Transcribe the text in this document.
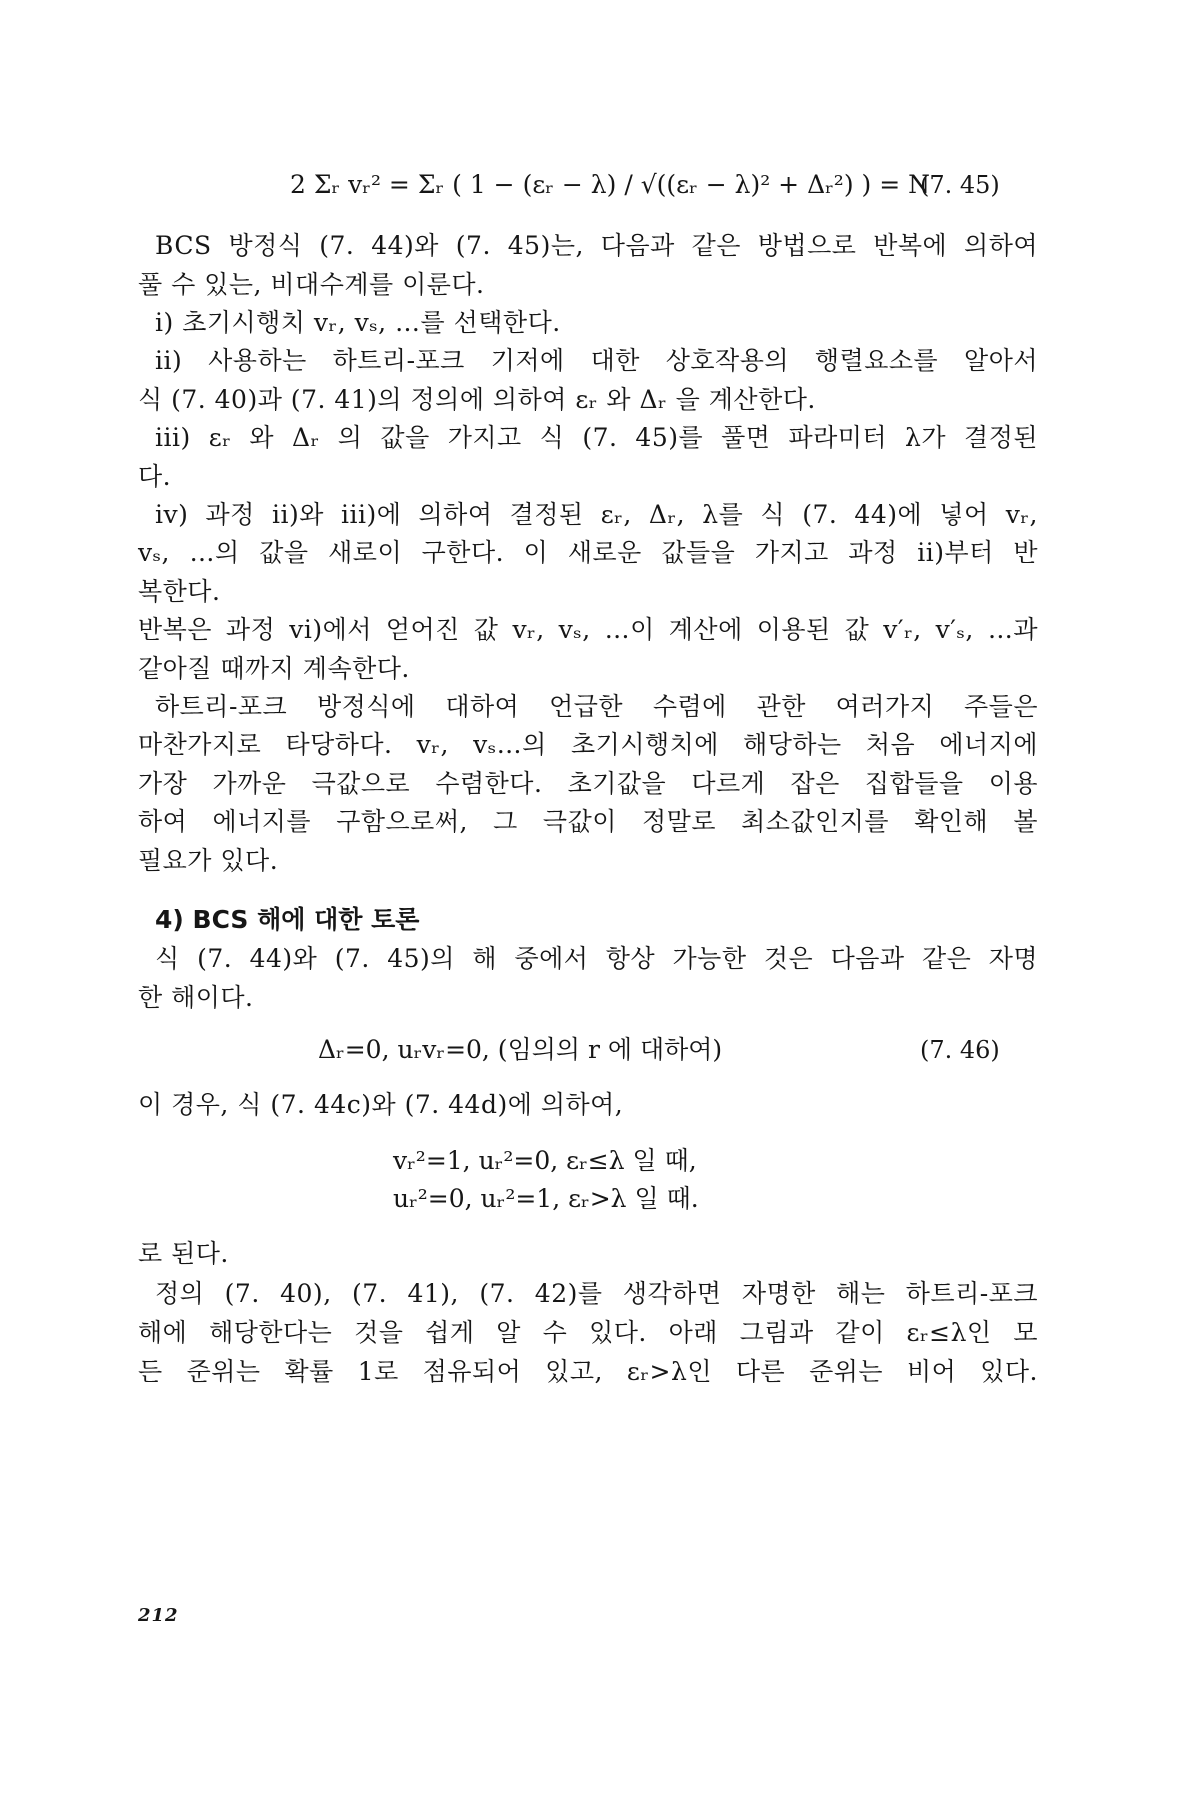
2 Σᵣ vᵣ² = Σᵣ ( 1 − (εᵣ − λ) / √((εᵣ − λ)² + Δᵣ²) ) = N
(7. 45)
BCS 방정식 (7. 44)와 (7. 45)는, 다음과 같은 방법으로 반복에 의하여
풀 수 있는, 비대수계를 이룬다.
i) 초기시행치 vᵣ, vₛ, …를 선택한다.
ii) 사용하는 하트리-포크 기저에 대한 상호작용의 행렬요소를 알아서
식 (7. 40)과 (7. 41)의 정의에 의하여 εᵣ 와 Δᵣ 을 계산한다.
iii) εᵣ 와 Δᵣ 의 값을 가지고 식 (7. 45)를 풀면 파라미터 λ가 결정된
다.
iv) 과정 ii)와 iii)에 의하여 결정된 εᵣ, Δᵣ, λ를 식 (7. 44)에 넣어 vᵣ,
vₛ, …의 값을 새로이 구한다. 이 새로운 값들을 가지고 과정 ii)부터 반
복한다.
반복은 과정 vi)에서 얻어진 값 vᵣ, vₛ, …이 계산에 이용된 값 v′ᵣ, v′ₛ, …과
같아질 때까지 계속한다.
하트리-포크 방정식에 대하여 언급한 수렴에 관한 여러가지 주들은
마찬가지로 타당하다. vᵣ, vₛ…의 초기시행치에 해당하는 처음 에너지에
가장 가까운 극값으로 수렴한다. 초기값을 다르게 잡은 집합들을 이용
하여 에너지를 구함으로써, 그 극값이 정말로 최소값인지를 확인해 볼
필요가 있다.
4) BCS 해에 대한 토론
식 (7. 44)와 (7. 45)의 해 중에서 항상 가능한 것은 다음과 같은 자명
한 해이다.
Δᵣ=0, uᵣvᵣ=0, (임의의 r 에 대하여)	(7. 46)
이 경우, 식 (7. 44c)와 (7. 44d)에 의하여,
vᵣ²=1, uᵣ²=0, εᵣ≤λ 일 때,
uᵣ²=0, uᵣ²=1, εᵣ>λ 일 때.
로 된다.
정의 (7. 40), (7. 41), (7. 42)를 생각하면 자명한 해는 하트리-포크
해에 해당한다는 것을 쉽게 알 수 있다. 아래 그림과 같이 εᵣ≤λ인 모
든 준위는 확률 1로 점유되어 있고, εᵣ>λ인 다른 준위는 비어 있다.
212
